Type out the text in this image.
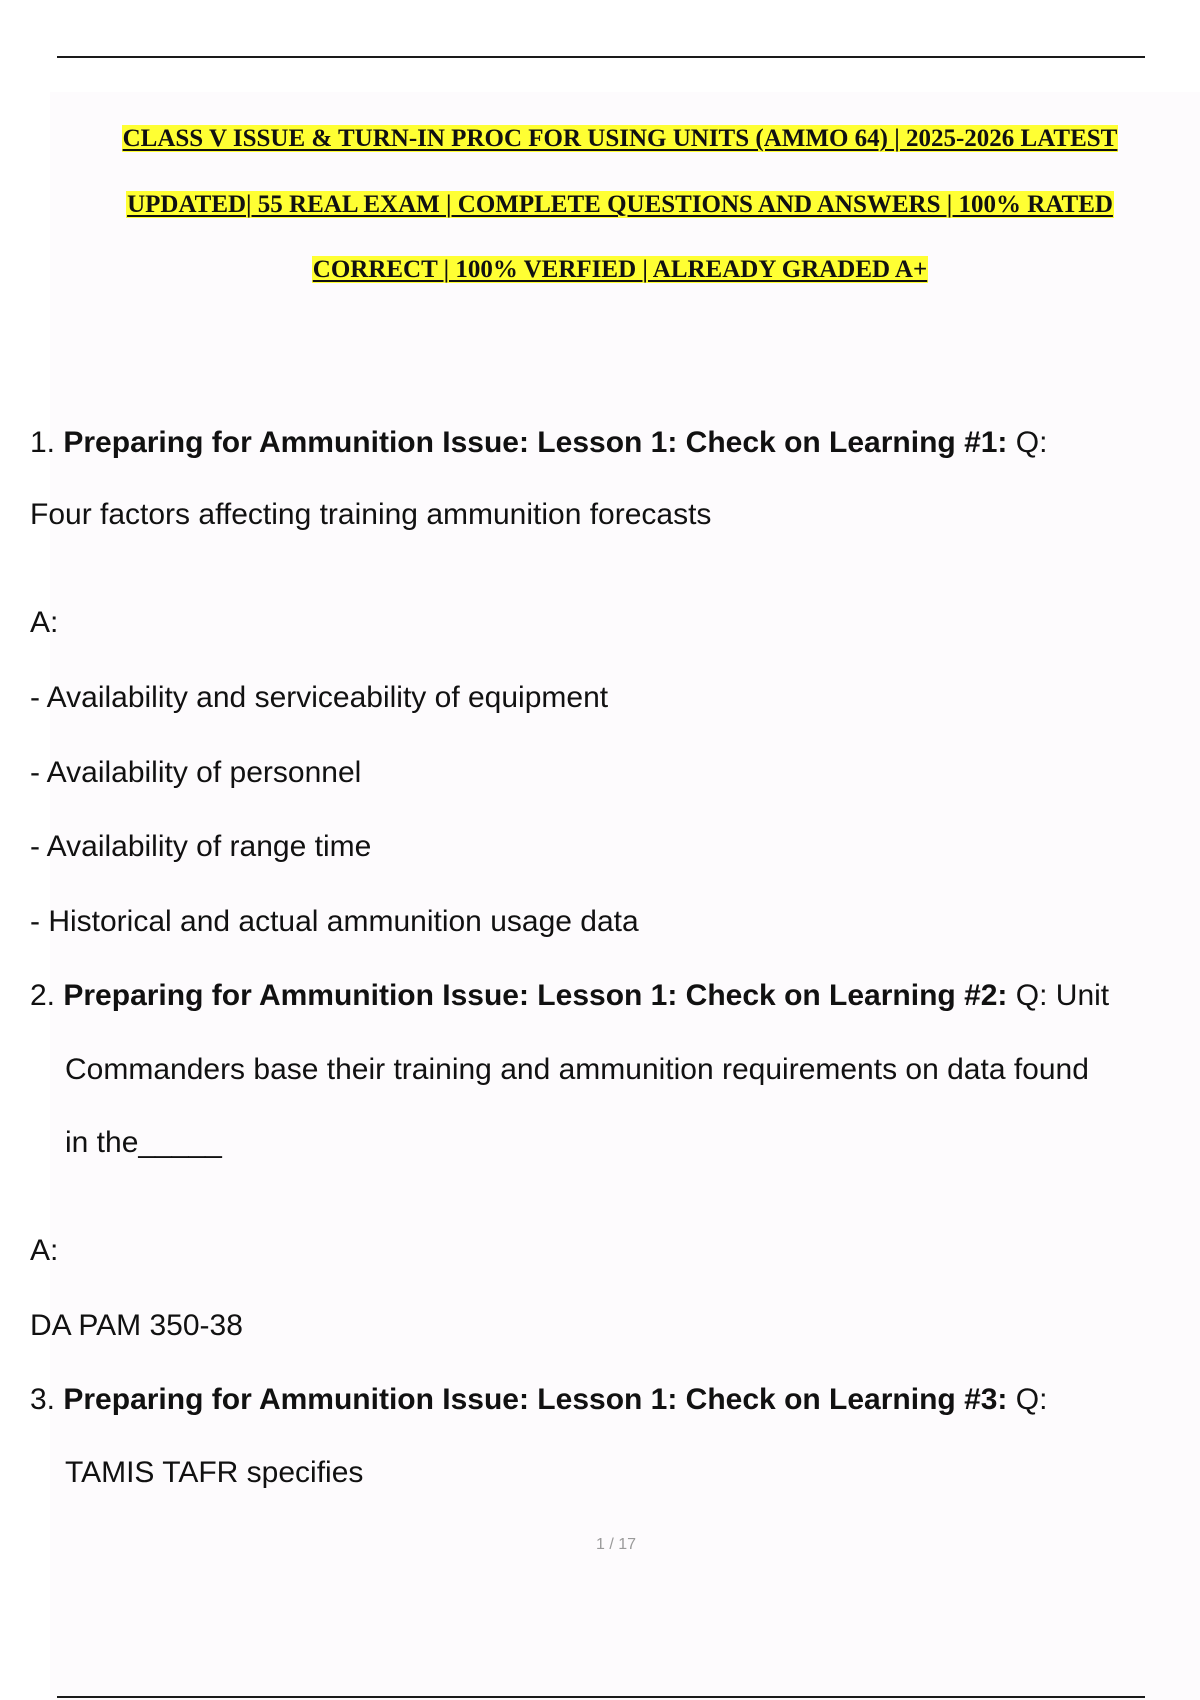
CLASS V ISSUE & TURN-IN PROC FOR USING UNITS (AMMO 64) | 2025-2026 LATEST
UPDATED| 55 REAL EXAM | COMPLETE QUESTIONS AND ANSWERS | 100% RATED
CORRECT | 100% VERFIED | ALREADY GRADED A+
1. Preparing for Ammunition Issue: Lesson 1: Check on Learning #1: Q:
Four factors affecting training ammunition forecasts
A:
- Availability and serviceability of equipment
- Availability of personnel
- Availability of range time
- Historical and actual ammunition usage data
2. Preparing for Ammunition Issue: Lesson 1: Check on Learning #2: Q: Unit
Commanders base their training and ammunition requirements on data found
in the_____
A:
DA PAM 350-38
3. Preparing for Ammunition Issue: Lesson 1: Check on Learning #3: Q:
TAMIS TAFR specifies
1 / 17
